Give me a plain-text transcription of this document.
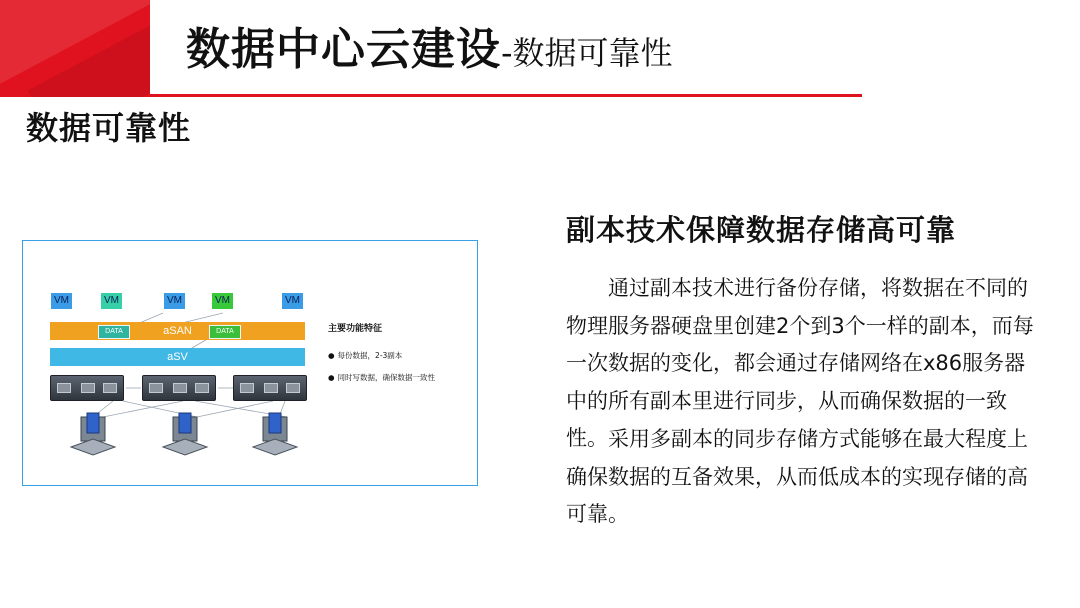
数据中心云建设-数据可靠性
数据可靠性
VM	VM	VM	VM	VM
aSAN
DATA	DATA
aSV
主要功能特征
● 每份数据，2-3副本
● 同时写数据，确保数据一致性
副本技术保障数据存储高可靠

通过副本技术进行备份存储，将数据在不同的物理服务器硬盘里创建2个到3个一样的副本，而每一次数据的变化，都会通过存储网络在x86服务器中的所有副本里进行同步，从而确保数据的一致性。 采用多副本的同步存储方式能够在最大程度上确保数据的互备效果，从而低成本的实现存储的高可靠。
